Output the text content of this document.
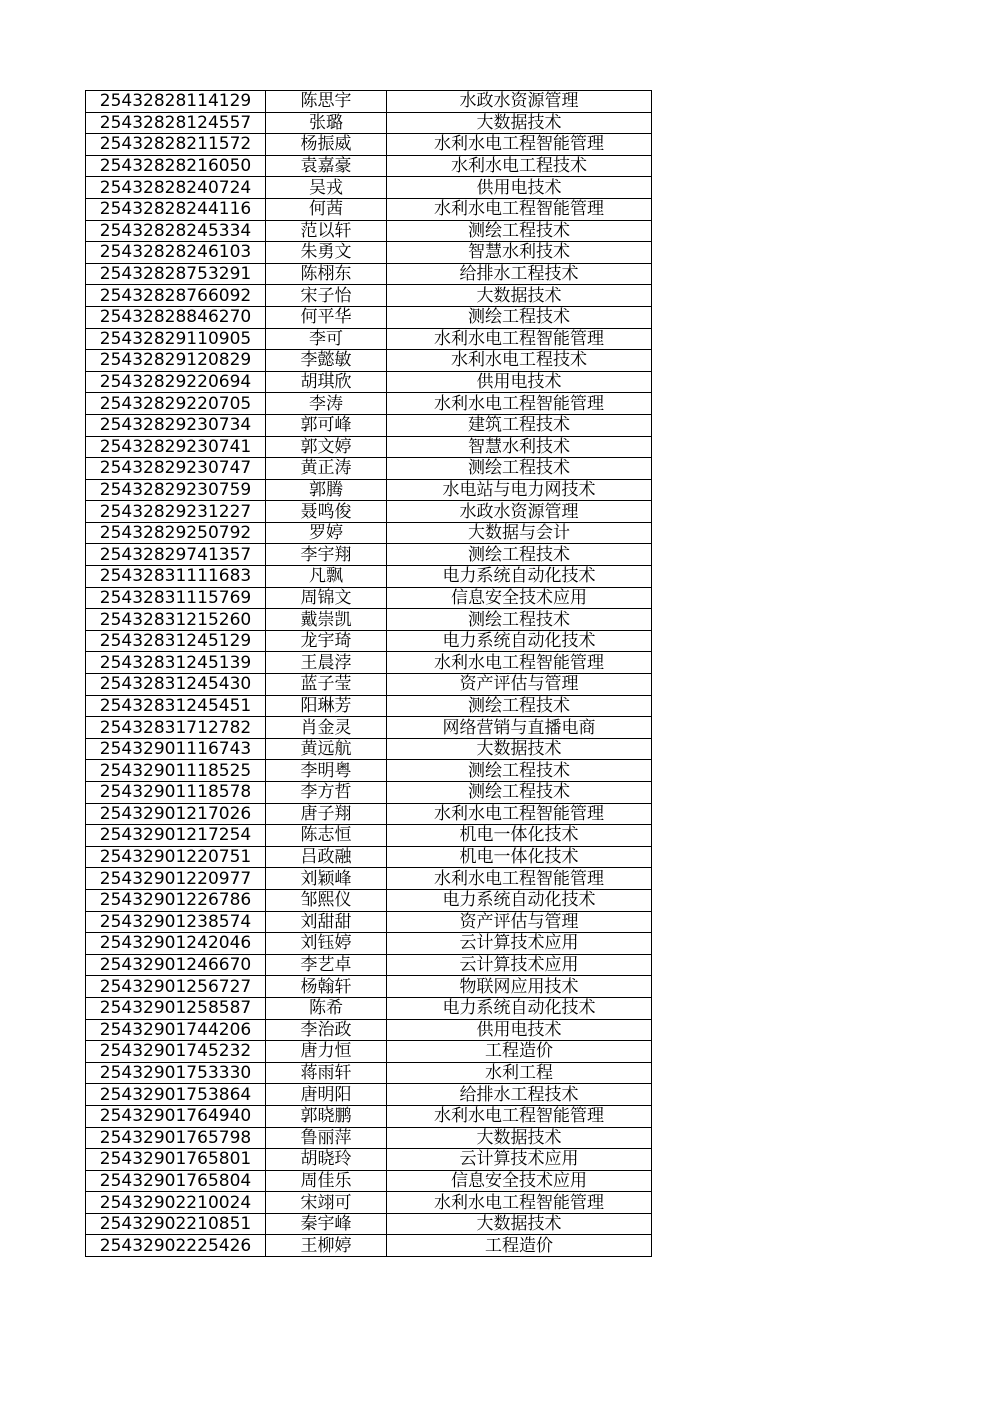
25432828114129	陈思宇	水政水资源管理
25432828124557	张璐	大数据技术
25432828211572	杨振威	水利水电工程智能管理
25432828216050	袁嘉豪	水利水电工程技术
25432828240724	吴戎	供用电技术
25432828244116	何茜	水利水电工程智能管理
25432828245334	范以轩	测绘工程技术
25432828246103	朱勇文	智慧水利技术
25432828753291	陈栩东	给排水工程技术
25432828766092	宋子怡	大数据技术
25432828846270	何平华	测绘工程技术
25432829110905	李可	水利水电工程智能管理
25432829120829	李懿敏	水利水电工程技术
25432829220694	胡琪欣	供用电技术
25432829220705	李涛	水利水电工程智能管理
25432829230734	郭可峰	建筑工程技术
25432829230741	郭文婷	智慧水利技术
25432829230747	黄正涛	测绘工程技术
25432829230759	郭腾	水电站与电力网技术
25432829231227	聂鸣俊	水政水资源管理
25432829250792	罗婷	大数据与会计
25432829741357	李宇翔	测绘工程技术
25432831111683	凡飘	电力系统自动化技术
25432831115769	周锦文	信息安全技术应用
25432831215260	戴崇凯	测绘工程技术
25432831245129	龙宇琦	电力系统自动化技术
25432831245139	王晨浡	水利水电工程智能管理
25432831245430	蓝子莹	资产评估与管理
25432831245451	阳琳芳	测绘工程技术
25432831712782	肖金灵	网络营销与直播电商
25432901116743	黄远航	大数据技术
25432901118525	李明粤	测绘工程技术
25432901118578	李方哲	测绘工程技术
25432901217026	唐子翔	水利水电工程智能管理
25432901217254	陈志恒	机电一体化技术
25432901220751	吕政融	机电一体化技术
25432901220977	刘颖峰	水利水电工程智能管理
25432901226786	邹熙仪	电力系统自动化技术
25432901238574	刘甜甜	资产评估与管理
25432901242046	刘钰婷	云计算技术应用
25432901246670	李艺卓	云计算技术应用
25432901256727	杨翰轩	物联网应用技术
25432901258587	陈希	电力系统自动化技术
25432901744206	李治政	供用电技术
25432901745232	唐力恒	工程造价
25432901753330	蒋雨轩	水利工程
25432901753864	唐明阳	给排水工程技术
25432901764940	郭晓鹏	水利水电工程智能管理
25432901765798	鲁丽萍	大数据技术
25432901765801	胡晓玲	云计算技术应用
25432901765804	周佳乐	信息安全技术应用
25432902210024	宋翊可	水利水电工程智能管理
25432902210851	秦宇峰	大数据技术
25432902225426	王柳婷	工程造价
